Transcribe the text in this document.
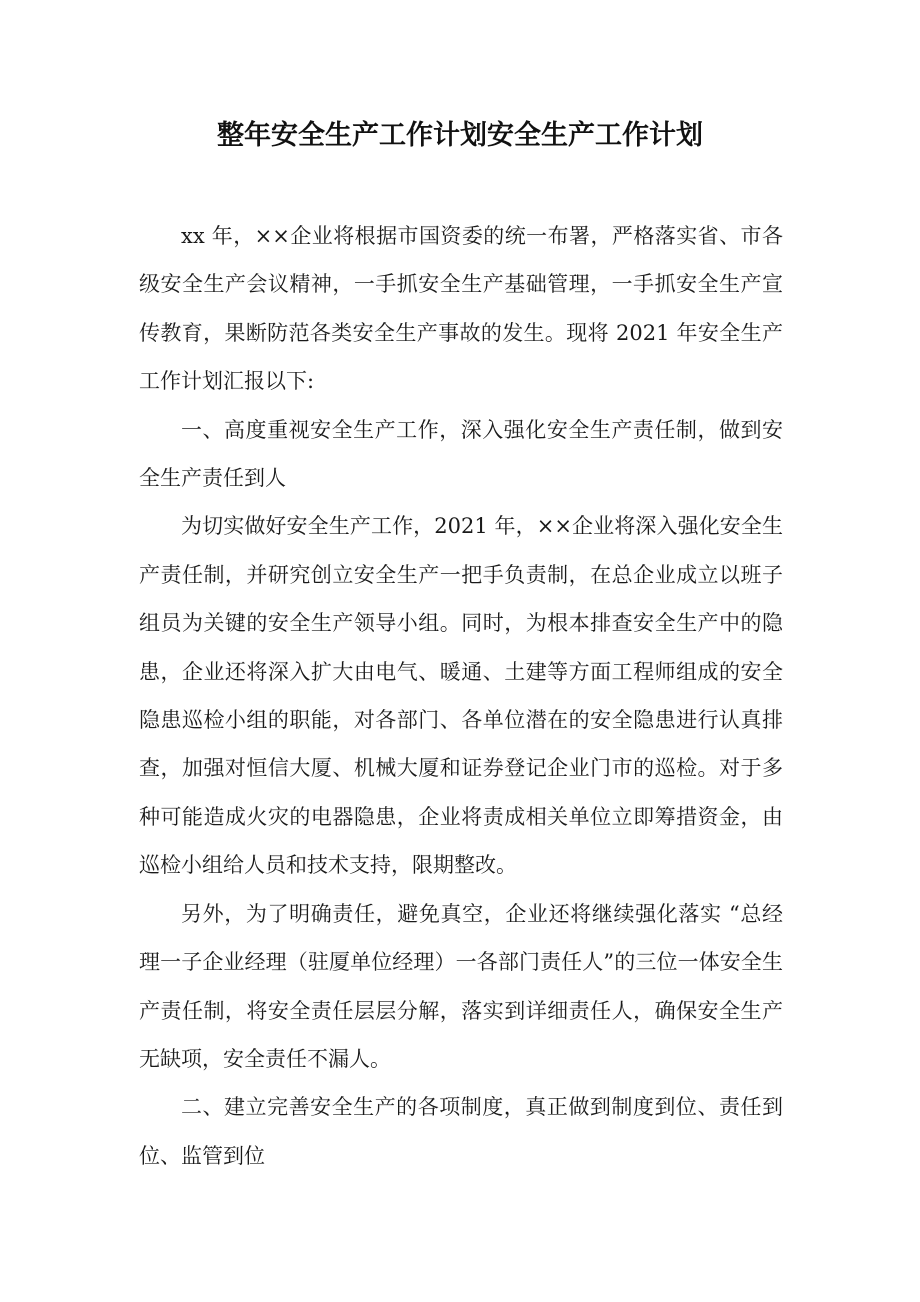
整年安全生产工作计划安全生产工作计划

xx 年，××企业将根据市国资委的统一布署，严格落实省、市各级安全生产会议精神，一手抓安全生产基础管理，一手抓安全生产宣传教育，果断防范各类安全生产事故的发生。现将 2021 年安全生产工作计划汇报以下:

一、高度重视安全生产工作，深入强化安全生产责任制，做到安全生产责任到人

为切实做好安全生产工作，2021 年，××企业将深入强化安全生产责任制，并研究创立安全生产一把手负责制，在总企业成立以班子组员为关键的安全生产领导小组。同时，为根本排查安全生产中的隐患，企业还将深入扩大由电气、暖通、土建等方面工程师组成的安全隐患巡检小组的职能，对各部门、各单位潜在的安全隐患进行认真排查，加强对恒信大厦、机械大厦和证券登记企业门市的巡检。对于多种可能造成火灾的电器隐患，企业将责成相关单位立即筹措资金，由巡检小组给人员和技术支持，限期整改。

另外，为了明确责任，避免真空，企业还将继续强化落实 “总经理一子企业经理（驻厦单位经理）一各部门责任人”的三位一体安全生产责任制，将安全责任层层分解，落实到详细责任人，确保安全生产无缺项，安全责任不漏人。

二、建立完善安全生产的各项制度，真正做到制度到位、责任到位、监管到位
